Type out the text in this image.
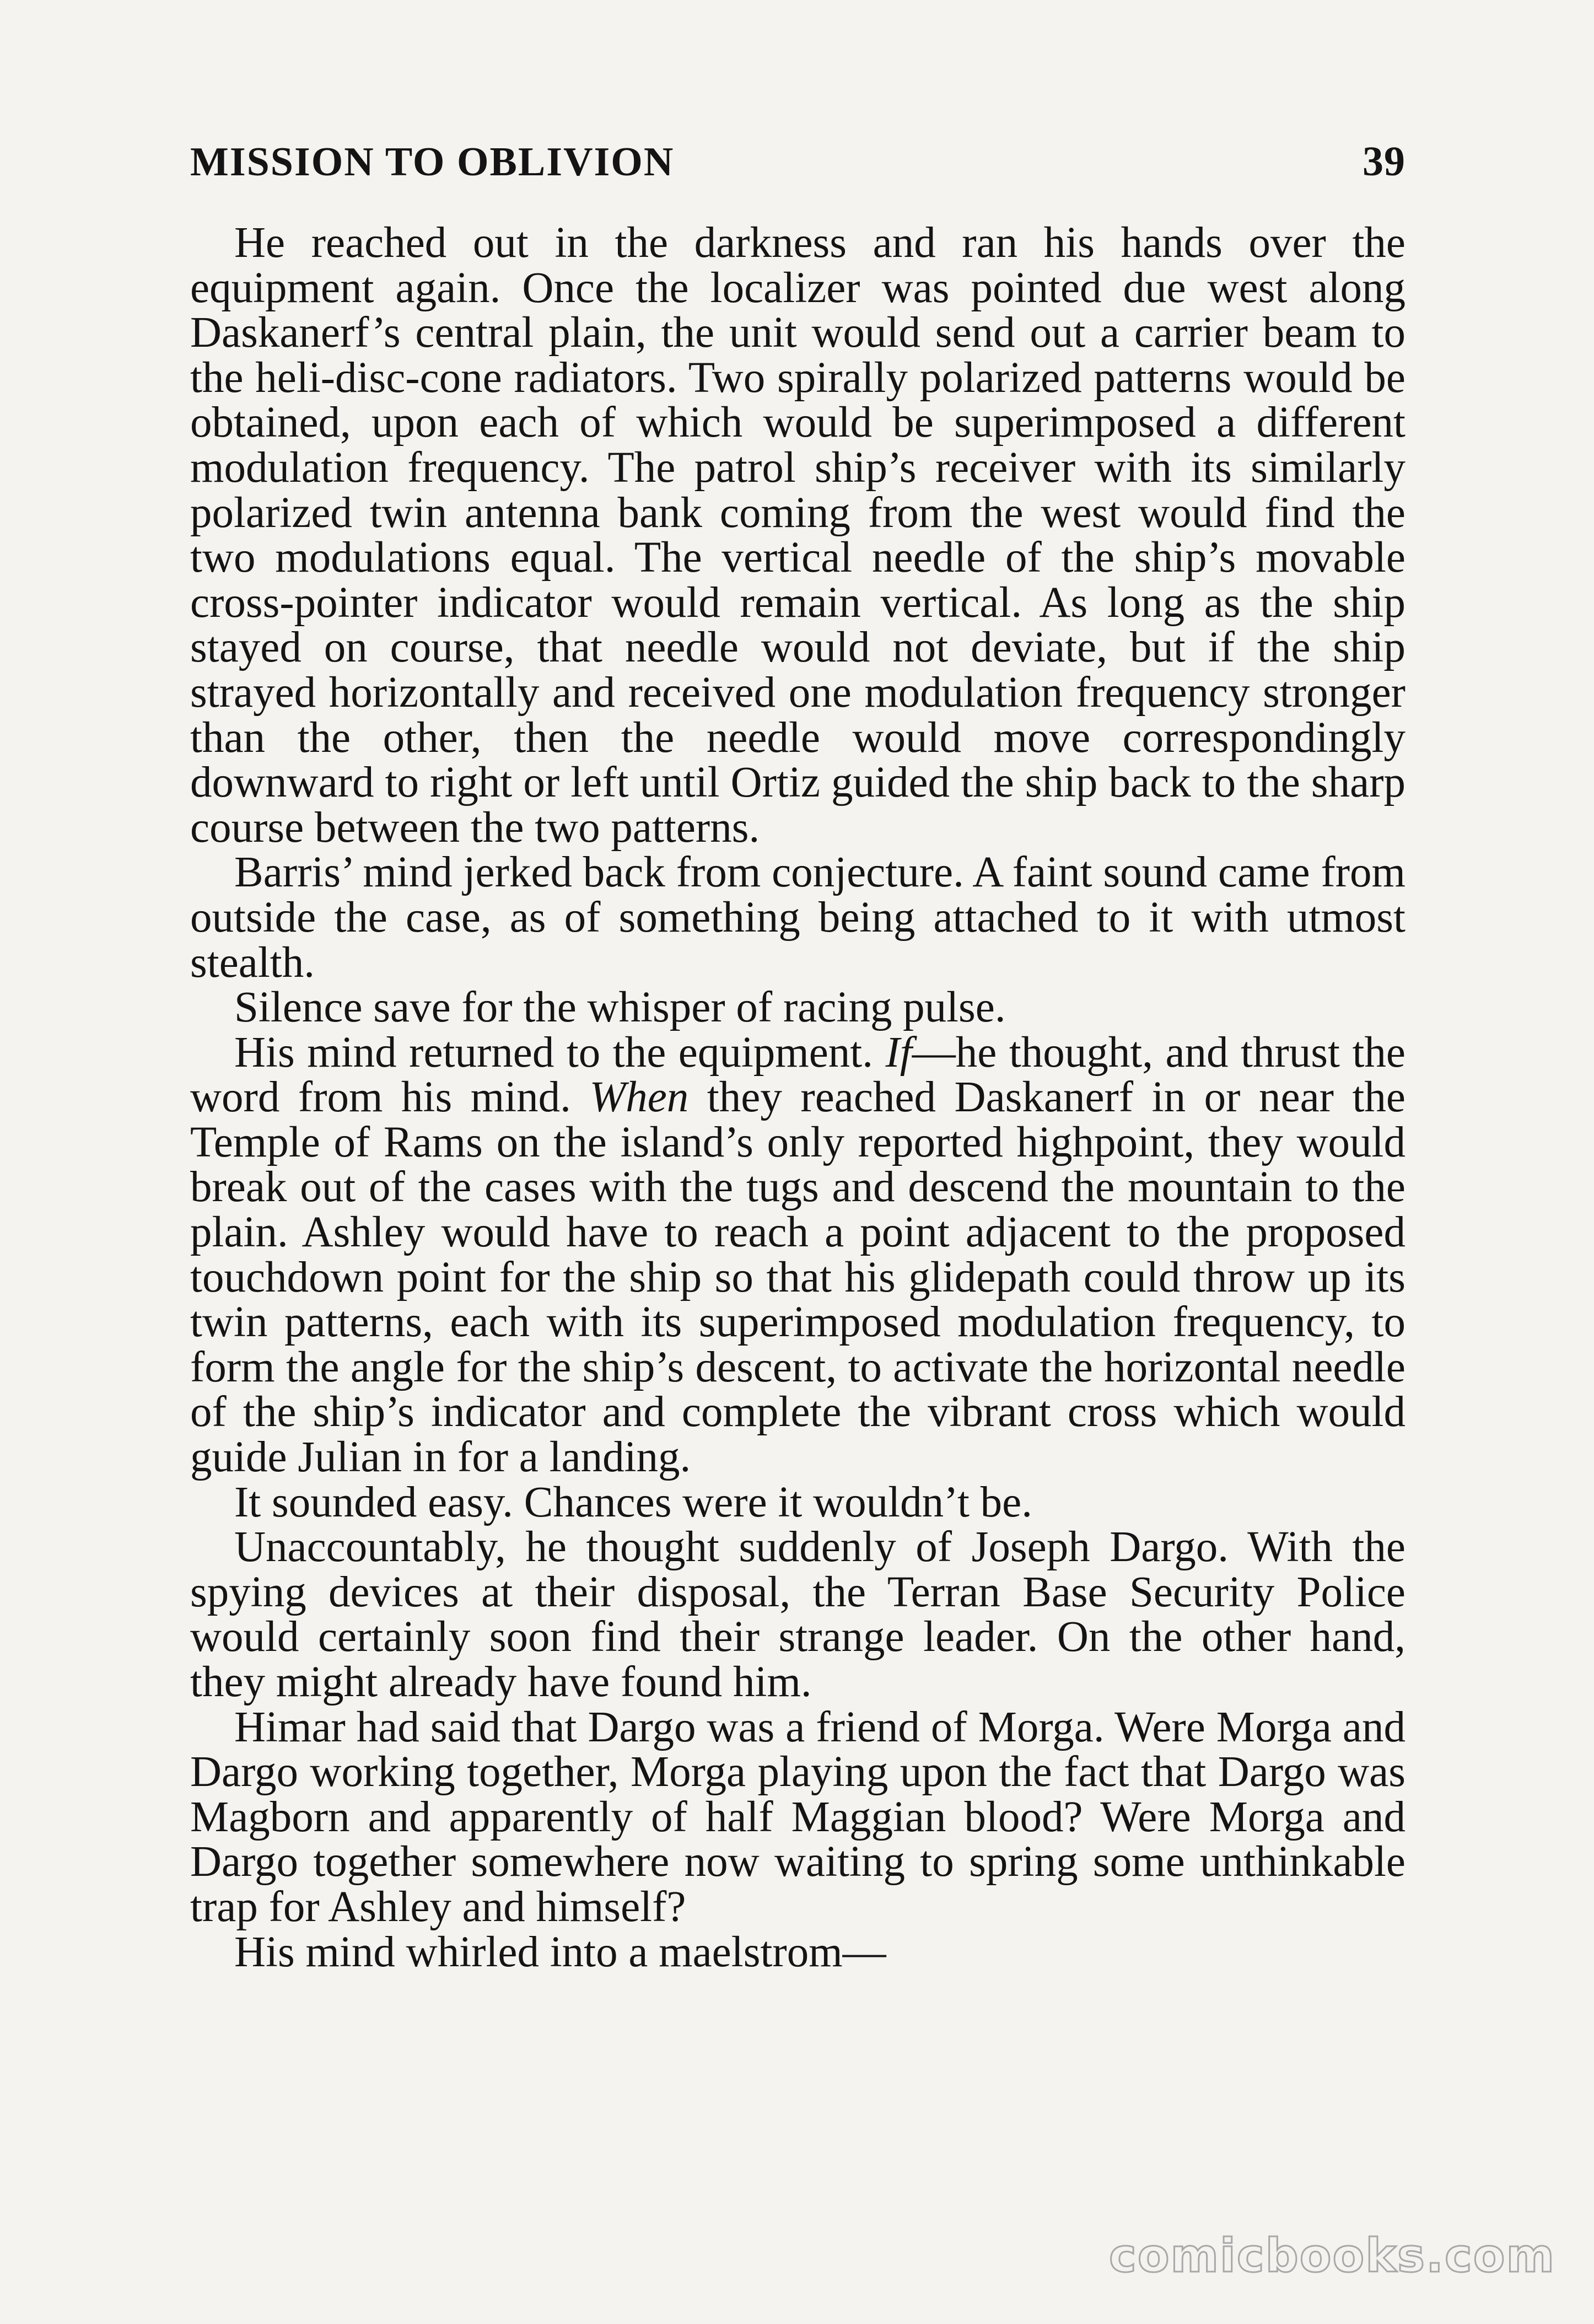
MISSION TO OBLIVION	39

He reached out in the darkness and ran his hands over the equipment again. Once the localizer was pointed due west along Daskanerf’s central plain, the unit would send out a carrier beam to the heli-disc-cone radiators. Two spirally polarized patterns would be obtained, upon each of which would be superimposed a different modulation frequency. The patrol ship’s receiver with its similarly polarized twin antenna bank coming from the west would find the two modulations equal. The vertical needle of the ship’s movable cross-pointer indicator would remain vertical. As long as the ship stayed on course, that needle would not deviate, but if the ship strayed horizontally and received one modulation frequency stronger than the other, then the needle would move correspondingly downward to right or left until Ortiz guided the ship back to the sharp course between the two patterns.

Barris’ mind jerked back from conjecture. A faint sound came from outside the case, as of something being attached to it with utmost stealth.

Silence save for the whisper of racing pulse.

His mind returned to the equipment. If—he thought, and thrust the word from his mind. When they reached Daskanerf in or near the Temple of Rams on the island’s only reported highpoint, they would break out of the cases with the tugs and descend the mountain to the plain. Ashley would have to reach a point adjacent to the proposed touchdown point for the ship so that his glidepath could throw up its twin patterns, each with its superimposed modulation frequency, to form the angle for the ship’s descent, to activate the horizontal needle of the ship’s indicator and complete the vibrant cross which would guide Julian in for a landing.

It sounded easy. Chances were it wouldn’t be.

Unaccountably, he thought suddenly of Joseph Dargo. With the spying devices at their disposal, the Terran Base Security Police would certainly soon find their strange leader. On the other hand, they might already have found him.

Himar had said that Dargo was a friend of Morga. Were Morga and Dargo working together, Morga playing upon the fact that Dargo was Magborn and apparently of half Maggian blood? Were Morga and Dargo together somewhere now waiting to spring some unthinkable trap for Ashley and himself?

His mind whirled into a maelstrom—

comicbooks.com
